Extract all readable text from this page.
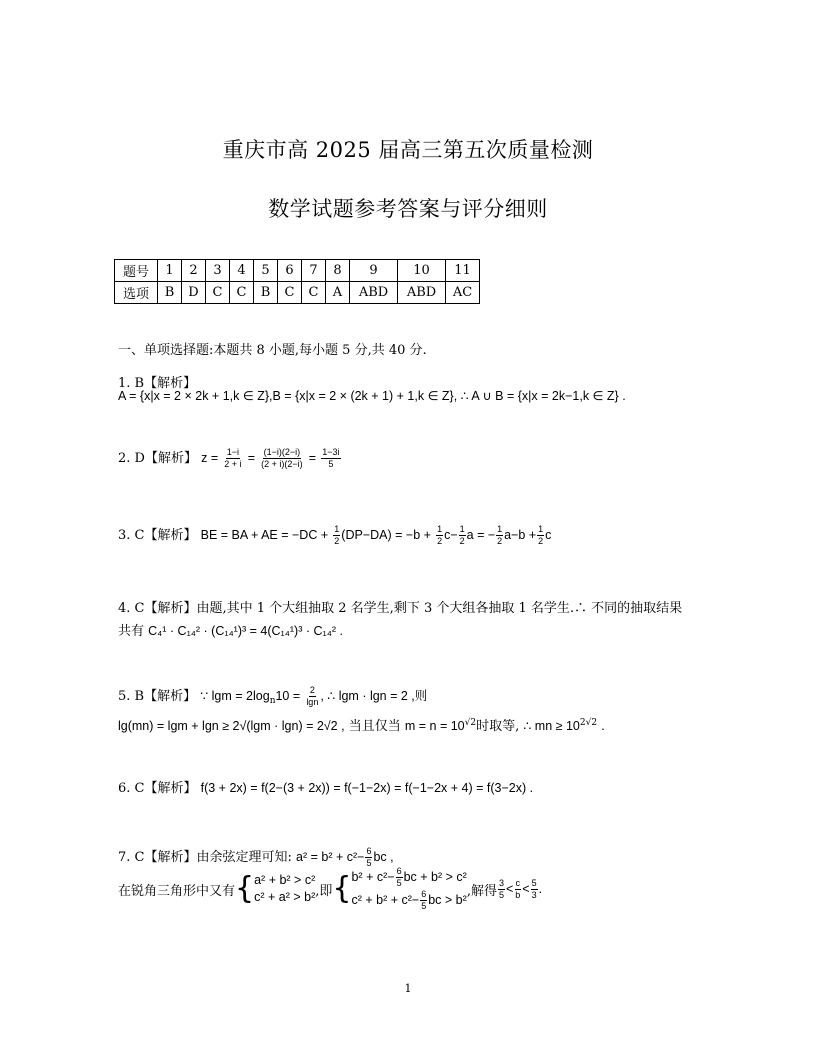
重庆市高 2025 届高三第五次质量检测
数学试题参考答案与评分细则
题号	1	2	3	4	5	6	7	8	9	10	11
选项	B	D	C	C	B	C	C	A	ABD	ABD	AC
一、单项选择题:本题共 8 小题,每小题 5 分,共 40 分.
1. B【解析】
A = {x|x = 2 × 2k + 1,k ∈ Z},B = {x|x = 2 × (2k + 1) + 1,k ∈ Z}, ∴ A ∪ B = {x|x = 2k−1,k ∈ Z} .
2. D【解析】 $z = \frac{1-i}{2 + i} = \frac{(1-i)(2-i)}{(2 + i)(2-i)} = \frac{1-3i}{5}$
3. C【解析】 BE = BA + AE = $-DC + \frac{1}{2} (DP-DA) = -b + \frac{1}{2} c- \frac{1}{2}$ a = − $\frac{1}{2} a-b + \frac{1}{2}$ c
4. C【解析】由题,其中 1 个大组抽取 2 名学生,剩下 3 个大组各抽取 1 名学生.∴ 不同的抽取结果
共有 C₄¹ · C₁₄² · (C₁₄¹)³ = 4(C₁₄¹)³ · C₁₄² .
5. B【解析】 ∵ $\lg m = 2\log_n10 = \frac{2}{\lg n}$ , ∴ lgm · lgn = 2 ,则
lg(mn) = lgm + lgn ≥ 2√(lgm · lgn) = 2√2 , 当且仅当 $m = n = 10^{√2}$时取等, ∴ mn ≥ $10^{2√2}$ .
6. C【解析】 f(3 + 2x) = f(2−(3 + 2x)) = f(−1−2x) = f(−1−2x + 4) = f(3−2x) .
7. C【解析】由余弦定理可知: $a^2 = b^2 + c^2- \frac{6}{5}$ bc ,
在锐角三角形中又有 { a² + b² > c²
c² + a² > b² ,即 { $b^2 + c^2- \frac{6}{5}$ bc + b² > c²
$c^2 + b^2 + c^2- \frac{6}{5}$ bc > b²
,解得 $\frac{3}{5} < \frac{c}{b} < \frac{5}{3}$ .
1
